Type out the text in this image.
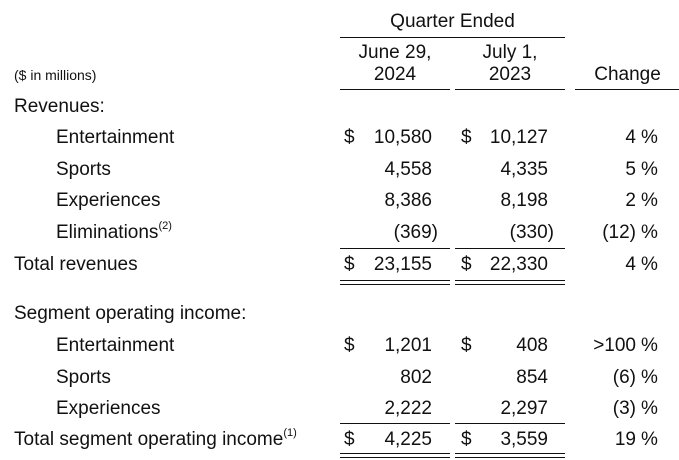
Quarter Ended
June 29,
2024
July 1,
2023	Change
($ in millions)
Revenues:
Entertainment	$	10,580 $ 10,127	4 %
Sports	4,558	4,335	5 %
Experiences	8,386	8,198	2 %
Eliminations$^{(2)}$	(369)	(330)	(12) %
Total revenues	$	23,155 $ 22,330	4 %
Segment operating income:
Entertainment	$	1,201 $	408	>100 %
Sports	802	854	(6) %
Experiences	2,222	2,297	(3) %
Total segment operating income$^{(1)}$ $	4,225 $	3,559	19 %
